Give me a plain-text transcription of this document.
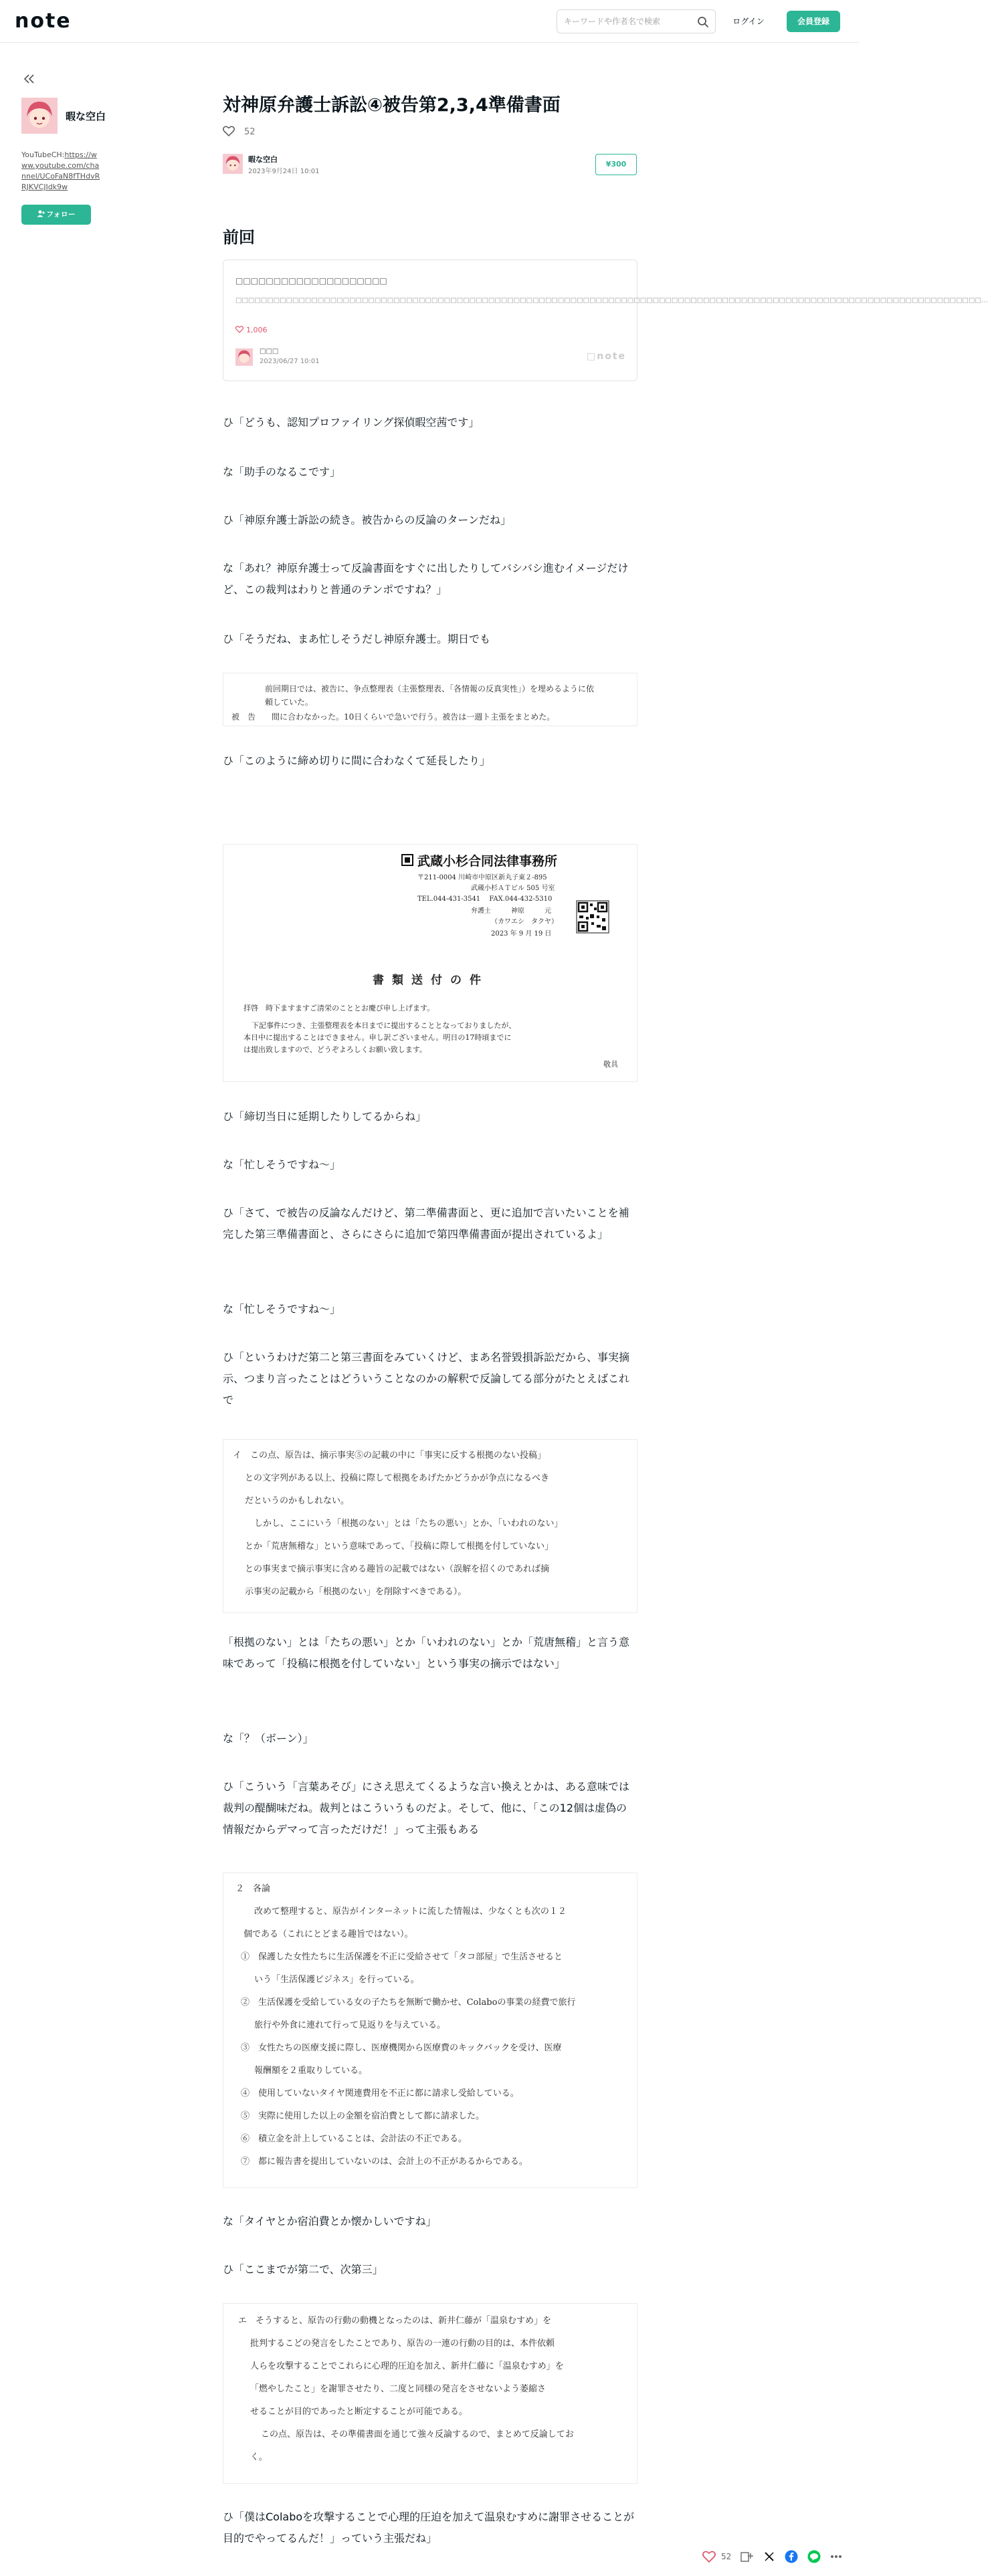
note
キーワードや作者名で検索	ログイン	会員登録
暇な空白
YouTubeCH:https://www.youtube.com/channel/UCoFaN8fTHdvRRJKVCJIdk9w
フォロー
対神原弁護士訴訟④被告第2,3,4準備書面
52
暇な空白
2023年9月24日 10:01
¥300
前回
□□□□□□□□□□□□□□□□□□□□
□□□□□□□□□□□□□□□□□□□□□□□□□□□□□□□□□□□□□□□□□□□□□□□□□□□□□□□□□□□□□□□□□□□□□□□□□□□□□□□□□□□□□□□□□□□□□□□□□□□□□□□□□□□□□□□□□□□□□□…
1,006
□□□
2023/06/27 10:01	□note

ひ「どうも、認知プロファイリング探偵暇空茜です」

な「助手のなるこです」

ひ「神原弁護士訴訟の続き。被告からの反論のターンだね」

な「あれ？神原弁護士って反論書面をすぐに出したりしてバシバシ進むイメージだけど、この裁判はわりと普通のテンポですね？」

ひ「そうだね、まあ忙しそうだし神原弁護士。期日でも

前回期日では、被告に、争点整理表（主張整理表、「各情報の反真実性」）を埋めるように依
頼していた。
被　告　　間に合わなかった。10日くらいで急いで行う。被告は一週ト主張をまとめた。

ひ「このように締め切りに間に合わなくて延長したり」

武蔵小杉合同法律事務所
〒211-0004 川崎市中原区新丸子東２-895
武蔵小杉ＡＴビル 505 号室
TEL.044-431-3541　 FAX.044-432-5310
弁護士　　　神原　　　元
（カワエシ　タクヤ）
2023 年 9 月 19 日
書類送付の件
拝啓　時下ますますご清栄のこととお慶び申し上げます。
下記事件につき、主張整理表を本日までに提出することとなっておりましたが、
本日中に提出することはできません。申し訳ございません。明日の17時頃までに
は提出致しますので、どうぞよろしくお願い致します。
敬具

ひ「締切当日に延期したりしてるからね」

な「忙しそうですね〜」

ひ「さて、で被告の反論なんだけど、第二準備書面と、更に追加で言いたいことを補完した第三準備書面と、さらにさらに追加で第四準備書面が提出されているよ」

な「忙しそうですね〜」

ひ「というわけだ第二と第三書面をみていくけど、まあ名誉毀損訴訟だから、事実摘示、つまり言ったことはどういうことなのかの解釈で反論してる部分がたとえばこれで

イ　この点、原告は、摘示事実⑤の記載の中に「事実に反する根拠のない投稿」
との文字列がある以上、投稿に際して根拠をあげたかどうかが争点になるべき
だというのかもしれない。
しかし、ここにいう「根拠のない」とは「たちの悪い」とか、「いわれのない」
とか「荒唐無稽な」という意味であって、「投稿に際して根拠を付していない」
との事実まで摘示事実に含める趣旨の記載ではない（誤解を招くのであれば摘
示事実の記載から「根拠のない」を削除すべきである）。

「根拠のない」とは「たちの悪い」とか「いわれのない」とか「荒唐無稽」と言う意味であって「投稿に根拠を付していない」という事実の摘示ではない」

な「？（ボーン）」

ひ「こういう「言葉あそび」にさえ思えてくるような言い換えとかは、ある意味では裁判の醍醐味だね。裁判とはこういうものだよ。そして、他に、「この12個は虚偽の情報だからデマって言っただけだ！」って主張もある

２　各論
改めて整理すると、原告がインターネットに流した情報は、少なくとも次の１２
個である（これにとどまる趣旨ではない）。
①　保護した女性たちに生活保護を不正に受給させて「タコ部屋」で生活させると
いう「生活保護ビジネス」を行っている。
②　生活保護を受給している女の子たちを無断で働かせ、Colaboの事業の経費で旅行
旅行や外食に連れて行って見返りを与えている。
③　女性たちの医療支援に際し、医療機関から医療費のキックバックを受け、医療
報酬額を２重取りしている。
④　使用していないタイヤ関連費用を不正に都に請求し受給している。
⑤　実際に使用した以上の金額を宿泊費として都に請求した。
⑥　積立金を計上していることは、会計法の不正である。
⑦　都に報告書を提出していないのは、会計上の不正があるからである。

な「タイヤとか宿泊費とか懐かしいですね」

ひ「ここまでが第二で、次第三」

エ　そうすると、原告の行動の動機となったのは、新井仁藤が「温泉むすめ」を
批判するこどの発言をしたことであり、原告の一連の行動の目的は、本件依頼
人らを攻撃することでこれらに心理的圧迫を加え、新井仁藤に「温泉むすめ」を
「燃やしたこと」を謝罪させたり、二度と同様の発言をさせないよう萎縮さ
せることが目的であったと断定することが可能である。
この点、原告は、その準備書面を通じて強々反論するので、まとめて反論してお
く。

ひ「僕はColaboを攻撃することで心理的圧迫を加えて温泉むすめに謝罪させることが目的でやってるんだ！」っていう主張だね」

52
